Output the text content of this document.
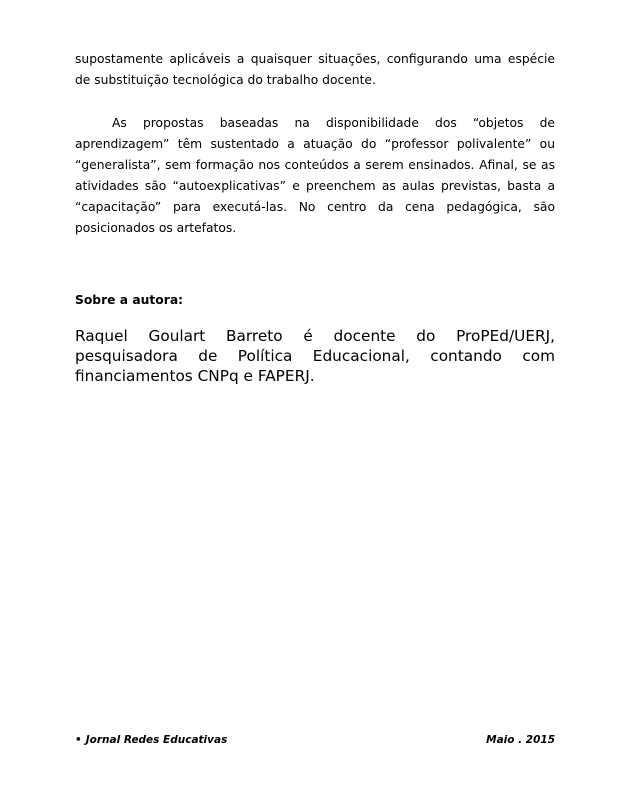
supostamente aplicáveis a quaisquer situações, configurando uma espécie de substituição tecnológica do trabalho docente.

As propostas baseadas na disponibilidade dos “objetos de aprendizagem” têm sustentado a atuação do “professor polivalente” ou “generalista”, sem formação nos conteúdos a serem ensinados. Afinal, se as atividades são “autoexplicativas” e preenchem as aulas previstas, basta a “capacitação” para executá-las. No centro da cena pedagógica, são posicionados os artefatos.

Sobre a autora:

Raquel Goulart Barreto é docente do ProPEd/UERJ, pesquisadora de Política Educacional, contando com financiamentos CNPq e FAPERJ.

• Jornal Redes Educativas	Maio . 2015
